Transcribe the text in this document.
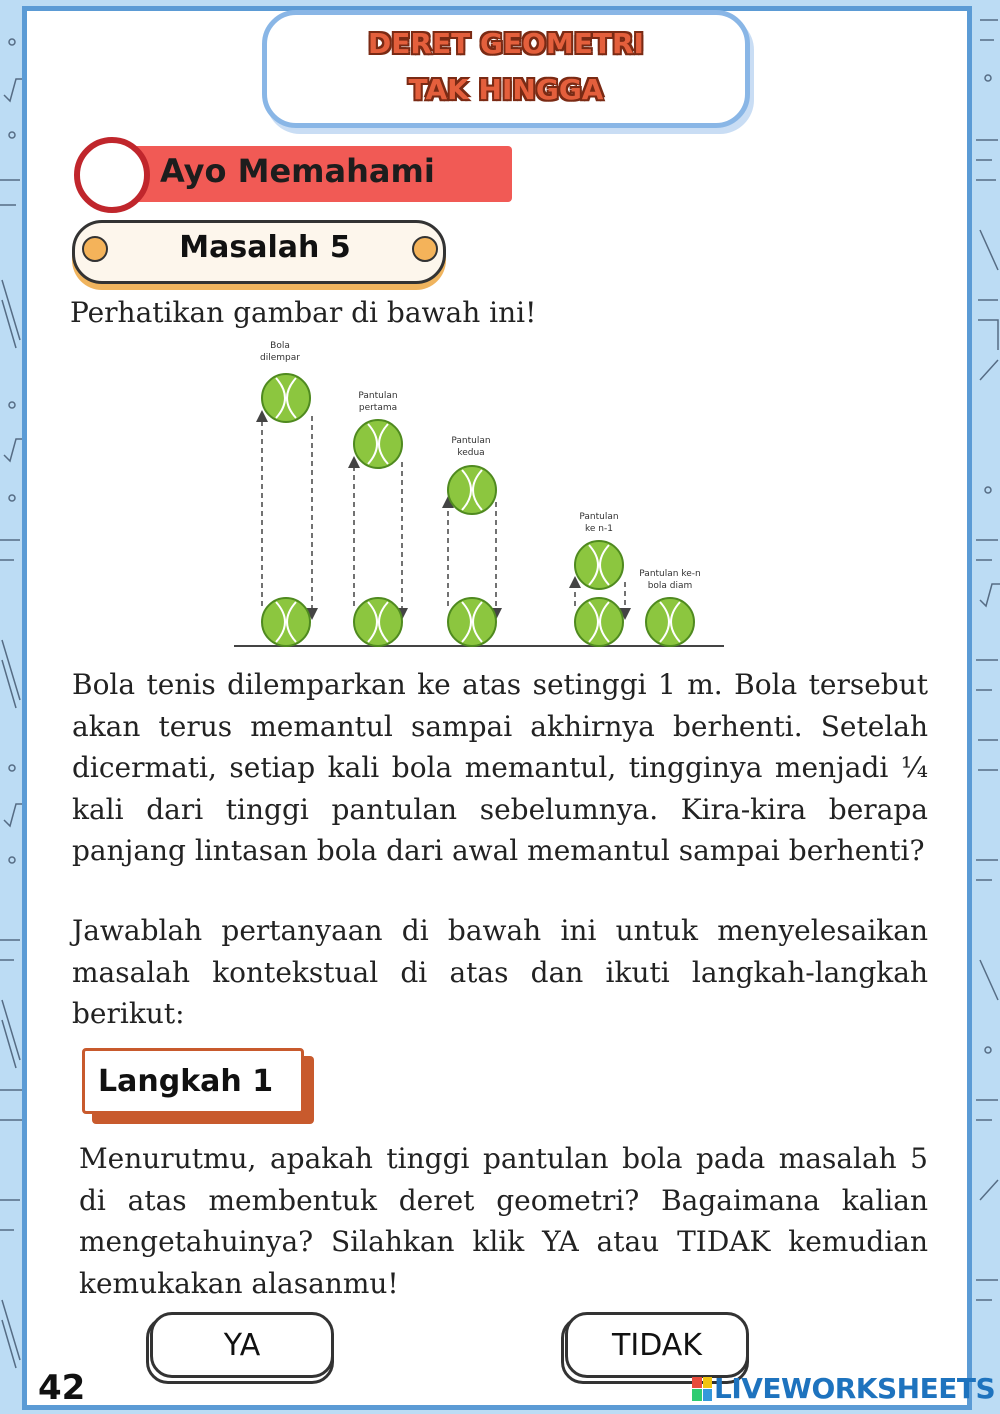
DERET GEOMETRI
TAK HINGGA
Ayo Memahami
Masalah 5
Perhatikan gambar di bawah ini!
Bola
dilempar
Pantulan
pertama
Pantulan
kedua
Pantulan
ke n-1
Pantulan ke-n
bola diam

Bola tenis dilemparkan ke atas setinggi 1 m. Bola tersebut akan terus memantul sampai akhirnya berhenti. Setelah dicermati, setiap kali bola memantul, tingginya menjadi ¼ kali dari tinggi pantulan sebelumnya. Kira-kira berapa panjang lintasan bola dari awal memantul sampai berhenti?

Jawablah pertanyaan di bawah ini untuk menyelesaikan masalah kontekstual di atas dan ikuti langkah-langkah berikut:

Langkah 1

Menurutmu, apakah tinggi pantulan bola pada masalah 5 di atas membentuk deret geometri? Bagaimana kalian mengetahuinya? Silahkan klik YA atau TIDAK kemudian kemukakan alasanmu!

YA	TIDAK
42	LIVEWORKSHEETS
